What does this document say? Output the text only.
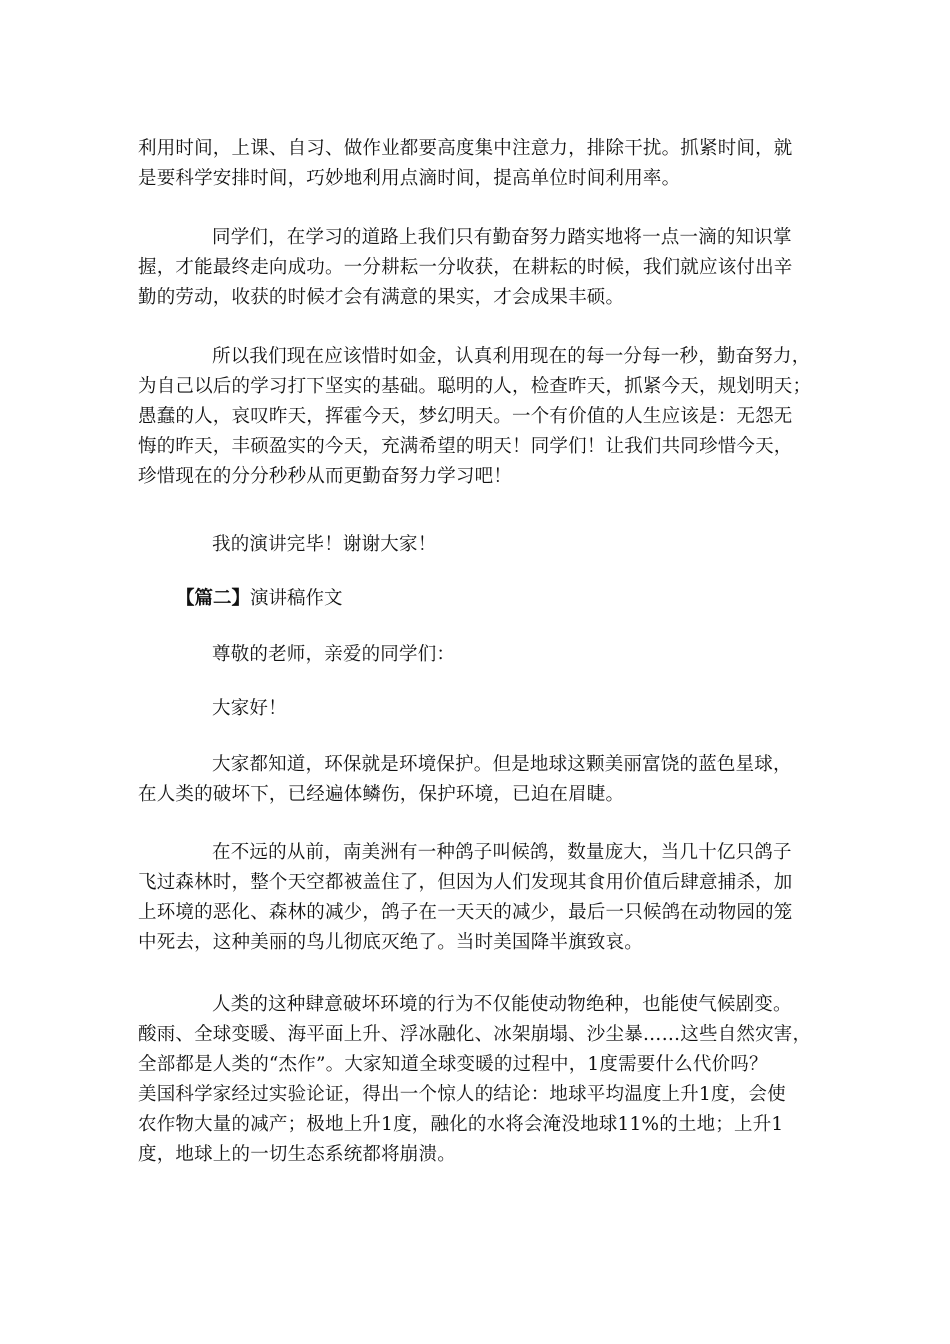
利用时间，上课、自习、做作业都要高度集中注意力，排除干扰。抓紧时间，就
是要科学安排时间，巧妙地利用点滴时间，提高单位时间利用率。
同学们，在学习的道路上我们只有勤奋努力踏实地将一点一滴的知识掌
握，才能最终走向成功。一分耕耘一分收获，在耕耘的时候，我们就应该付出辛
勤的劳动，收获的时候才会有满意的果实，才会成果丰硕。
所以我们现在应该惜时如金，认真利用现在的每一分每一秒，勤奋努力，
为自己以后的学习打下坚实的基础。聪明的人，检查昨天，抓紧今天，规划明天；
愚蠢的人，哀叹昨天，挥霍今天，梦幻明天。一个有价值的人生应该是：无怨无
悔的昨天，丰硕盈实的今天，充满希望的明天！同学们！让我们共同珍惜今天，
珍惜现在的分分秒秒从而更勤奋努力学习吧！
我的演讲完毕！谢谢大家！
【篇二】演讲稿作文
尊敬的老师，亲爱的同学们：
大家好！
大家都知道，环保就是环境保护。但是地球这颗美丽富饶的蓝色星球，
在人类的破坏下，已经遍体鳞伤，保护环境，已迫在眉睫。
在不远的从前，南美洲有一种鸽子叫候鸽，数量庞大，当几十亿只鸽子
飞过森林时，整个天空都被盖住了，但因为人们发现其食用价值后肆意捕杀，加
上环境的恶化、森林的减少，鸽子在一天天的减少，最后一只候鸽在动物园的笼
中死去，这种美丽的鸟儿彻底灭绝了。当时美国降半旗致哀。
人类的这种肆意破坏环境的行为不仅能使动物绝种，也能使气候剧变。
酸雨、全球变暖、海平面上升、浮冰融化、冰架崩塌、沙尘暴……这些自然灾害，
全部都是人类的“杰作”。大家知道全球变暖的过程中，1度需要什么代价吗？
美国科学家经过实验论证，得出一个惊人的结论：地球平均温度上升1度，会使
农作物大量的减产；极地上升1度，融化的水将会淹没地球11%的土地；上升1
度，地球上的一切生态系统都将崩溃。
